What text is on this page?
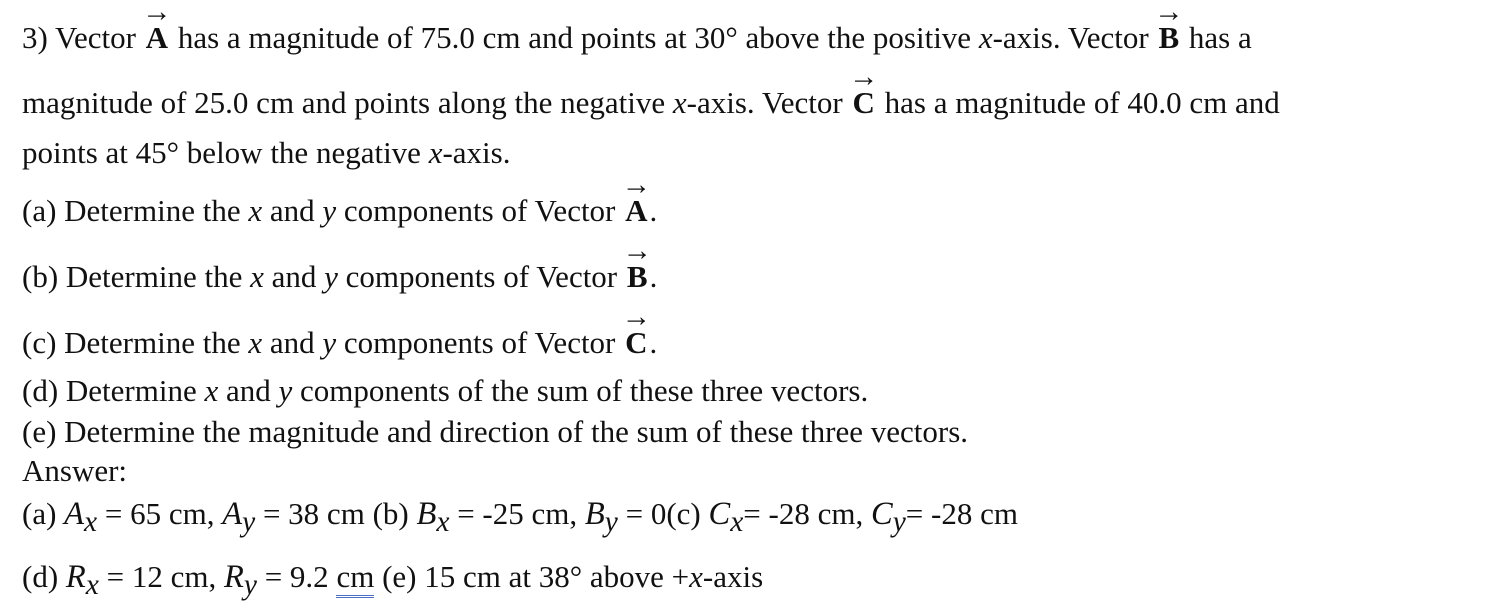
3) Vector
→
A has a magnitude of 75.0 cm and points at 30° above the positive x-axis. Vector
→
B has a
magnitude of 25.0 cm and points along the negative x-axis. Vector
→
C has a magnitude of 40.0 cm and
points at 45° below the negative x-axis.
(a) Determine the x and y components of Vector
→
A.
(b) Determine the x and y components of Vector
→
B.
(c) Determine the x and y components of Vector
→
C.
(d) Determine x and y components of the sum of these three vectors.
(e) Determine the magnitude and direction of the sum of these three vectors.
Answer:
(a) Ax = 65 cm, Ay = 38 cm (b) Bx = -25 cm, By = 0(c) Cx= -28 cm, Cy= -28 cm
(d) Rx = 12 cm, Ry = 9.2 cm (e) 15 cm at 38° above +x-axis
